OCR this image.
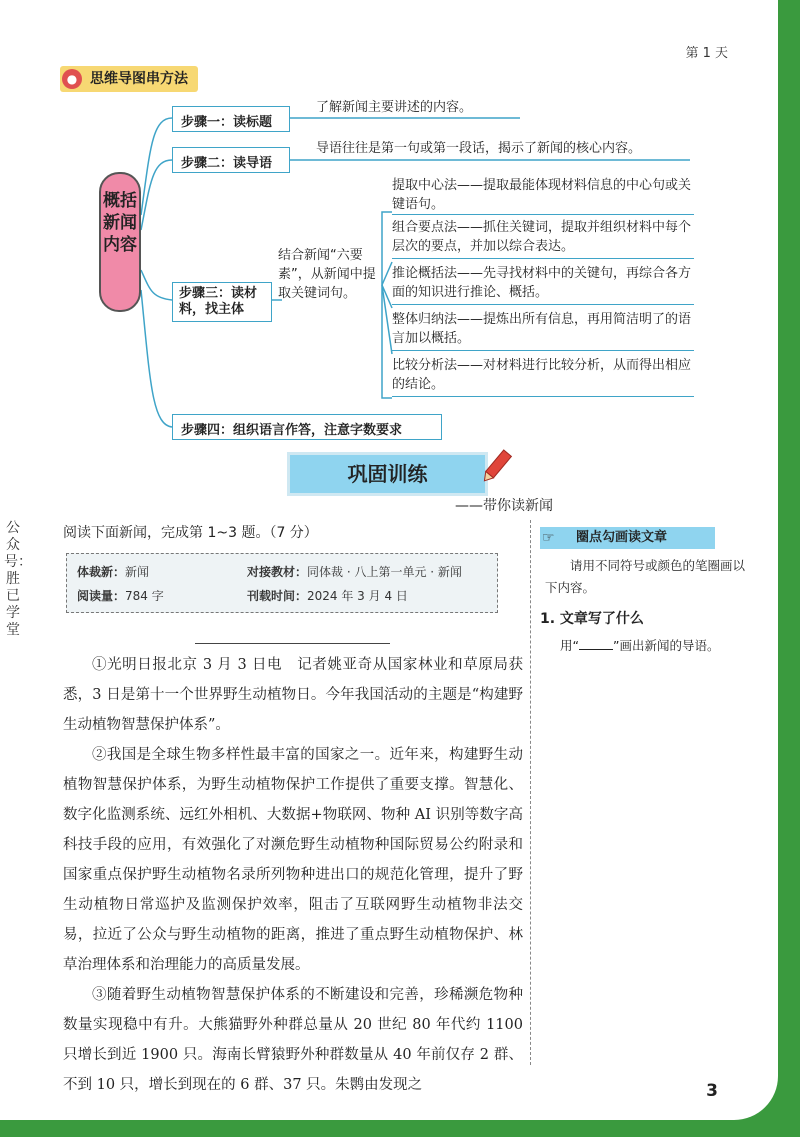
第 1 天
公众号：胜已学堂
思维导图串方法
●
概括新闻内容
步骤一：读标题
了解新闻主要讲述的内容。
步骤二：读导语
导语往往是第一句或第一段话，揭示了新闻的核心内容。
步骤三：读材料，找主体
结合新闻“六要素”，从新闻中提取关键词句。
提取中心法——提取最能体现材料信息的中心句或关键语句。
组合要点法——抓住关键词，提取并组织材料中每个层次的要点，并加以综合表达。
推论概括法——先寻找材料中的关键句，再综合各方面的知识进行推论、概括。
整体归纳法——提炼出所有信息，再用简洁明了的语言加以概括。
比较分析法——对材料进行比较分析，从而得出相应的结论。
步骤四：组织语言作答，注意字数要求
巩固训练
——带你读新闻
阅读下面新闻，完成第 1~3 题。（7 分）
体裁新：新闻	对接教材：同体裁 · 八上第一单元 · 新闻
阅读量：784 字	刊载时间：2024 年 3 月 4 日

①光明日报北京 3 月 3 日电　记者姚亚奇从国家林业和草原局获悉，3 日是第十一个世界野生动植物日。今年我国活动的主题是“构建野生动植物智慧保护体系”。

②我国是全球生物多样性最丰富的国家之一。近年来，构建野生动植物智慧保护体系，为野生动植物保护工作提供了重要支撑。智慧化、数字化监测系统、远红外相机、大数据+物联网、物种 AI 识别等数字高科技手段的应用，有效强化了对濒危野生动植物种国际贸易公约附录和国家重点保护野生动植物名录所列物种进出口的规范化管理，提升了野生动植物日常巡护及监测保护效率，阻击了互联网野生动植物非法交易，拉近了公众与野生动植物的距离，推进了重点野生动植物保护、林草治理体系和治理能力的高质量发展。

③随着野生动植物智慧保护体系的不断建设和完善，珍稀濒危物种数量实现稳中有升。大熊猫野外种群总量从 20 世纪 80 年代约 1100 只增长到近 1900 只。海南长臂猿野外种群数量从 40 年前仅存 2 群、不到 10 只，增长到现在的 6 群、37 只。朱鹮由发现之

圈点勾画读文章
☞
请用不同符号或颜色的笔圈画以下内容。
1. 文章写了什么
用“	”画出新闻的导语。
3
